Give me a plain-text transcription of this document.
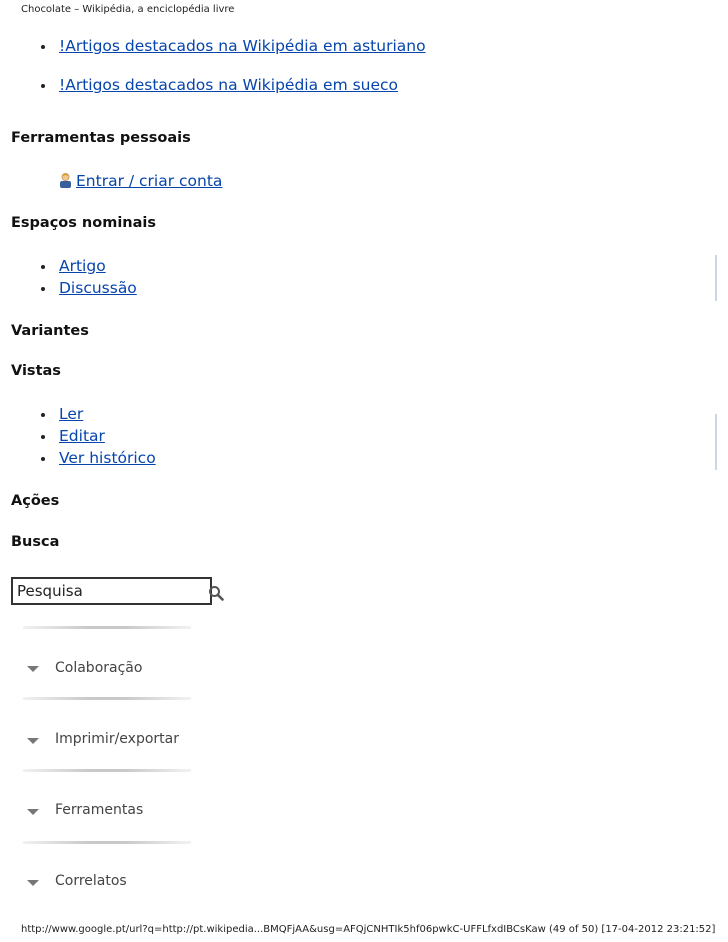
Chocolate – Wikipédia, a enciclopédia livre
!Artigos destacados na Wikipédia em asturiano
!Artigos destacados na Wikipédia em sueco
Ferramentas pessoais
Entrar / criar conta
Espaços nominais
Artigo
Discussão
Variantes
Vistas
Ler
Editar
Ver histórico
Ações
Busca
Pesquisa
Colaboração
Imprimir/exportar
Ferramentas
Correlatos
http://www.google.pt/url?q=http://pt.wikipedia...BMQFjAA&usg=AFQjCNHTIk5hf06pwkC-UFFLfxdIBCsKaw (49 of 50) [17-04-2012 23:21:52]
